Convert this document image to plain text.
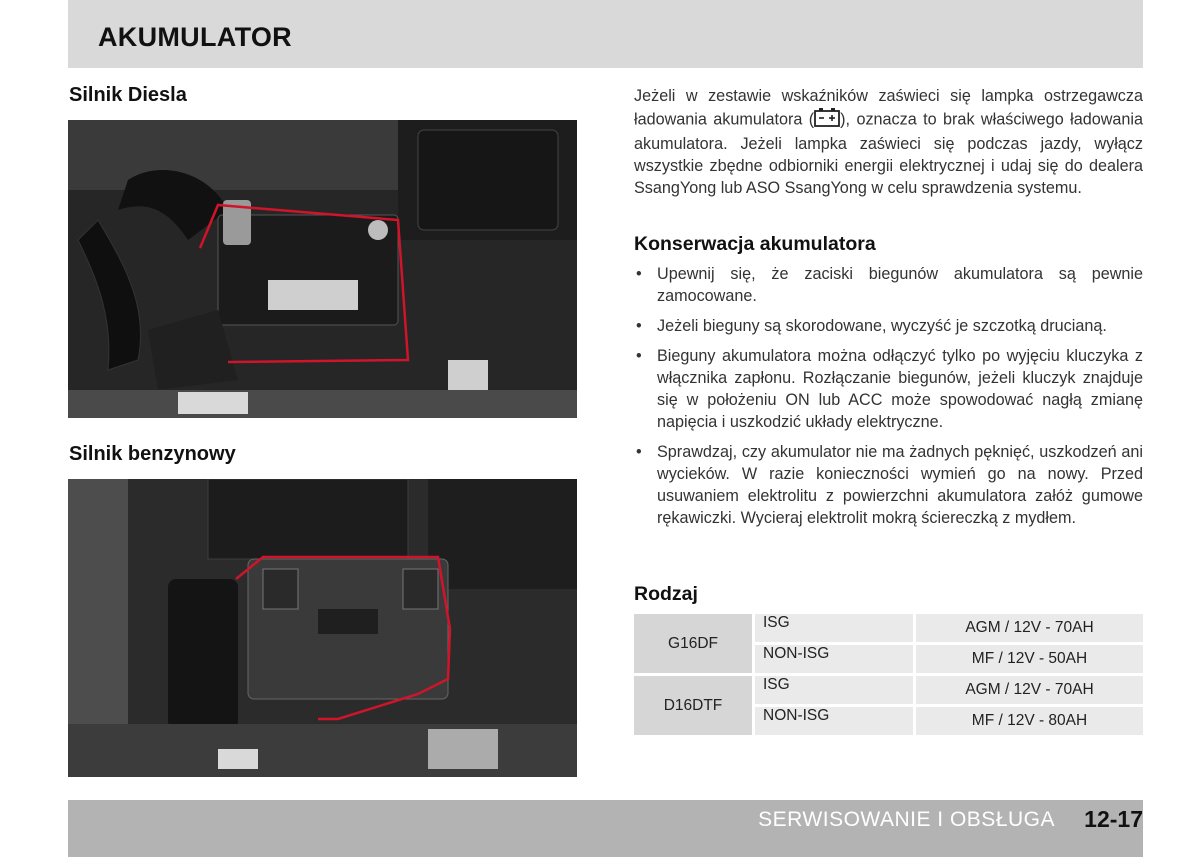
AKUMULATOR
Silnik Diesla
Silnik benzynowy

Jeżeli w zestawie wskaźników zaświeci się lampka ostrzegawcza ładowania akumulatora ( ), oznacza to brak właściwego ładowania akumulatora. Jeżeli lampka zaświeci się podczas jazdy, wyłącz wszystkie zbędne odbiorniki energii elektrycznej i udaj się do dealera SsangYong lub ASO SsangYong w celu sprawdzenia systemu.

Konserwacja akumulatora
• Upewnij się, że zaciski biegunów akumulatora są pewnie zamocowane.
• Jeżeli bieguny są skorodowane, wyczyść je szczotką drucianą.
• Bieguny akumulatora można odłączyć tylko po wyjęciu kluczyka z włącznika zapłonu. Rozłączanie biegunów, jeżeli kluczyk znajduje się w położeniu ON lub ACC może spowodować nagłą zmianę napięcia i uszkodzić układy elektryczne.
• Sprawdzaj, czy akumulator nie ma żadnych pęknięć, uszkodzeń ani wycieków. W razie konieczności wymień go na nowy. Przed usuwaniem elektrolitu z powierzchni akumulatora załóż gumowe rękawiczki. Wycieraj elektrolit mokrą ściereczką z mydłem.
Rodzaj
G16DF	ISG	AGM / 12V - 70AH
	NON-ISG	MF / 12V - 50AH
D16DTF	ISG	AGM / 12V - 70AH
	NON-ISG	MF / 12V - 80AH
SERWISOWANIE I OBSŁUGA 12-17
